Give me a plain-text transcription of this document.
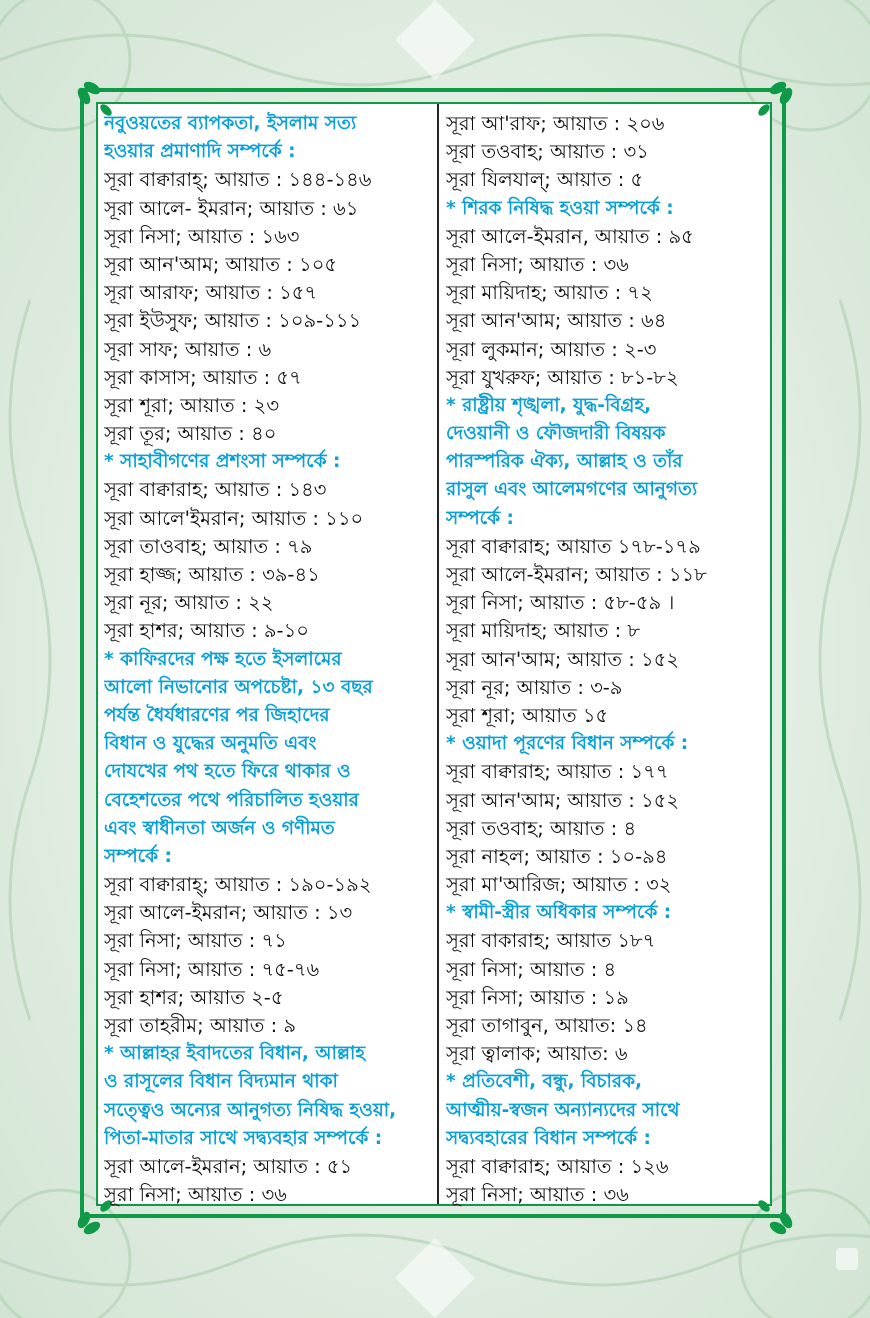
নবুওয়তের ব্যাপকতা, ইসলাম সত্য
হওয়ার প্রমাণাদি সম্পর্কে :
সূরা বাক্বারাহ্; আয়াত : ১৪৪-১৪৬
সূরা আলে- ইমরান; আয়াত : ৬১
সূরা নিসা; আয়াত : ১৬৩
সূরা আন'আম; আয়াত : ১০৫
সূরা আরাফ; আয়াত : ১৫৭
সূরা ইউসুফ; আয়াত : ১০৯-১১১
সূরা সাফ; আয়াত : ৬
সূরা কাসাস; আয়াত : ৫৭
সূরা শূরা; আয়াত : ২৩
সূরা তূর; আয়াত : ৪০
* সাহাবীগণের প্রশংসা সম্পর্কে :
সূরা বাক্বারাহ; আয়াত : ১৪৩
সূরা আলে'ইমরান; আয়াত : ১১০
সূরা তাওবাহ; আয়াত : ৭৯
সূরা হাজ্জ; আয়াত : ৩৯-৪১
সূরা নূর; আয়াত : ২২
সূরা হাশর; আয়াত : ৯-১০
* কাফিরদের পক্ষ হতে ইসলামের
আলো নিভানোর অপচেষ্টা, ১৩ বছর
পর্যন্ত ধৈর্যধারণের পর জিহাদের
বিধান ও যুদ্ধের অনুমতি এবং
দোযখের পথ হতে ফিরে থাকার ও
বেহেশতের পথে পরিচালিত হওয়ার
এবং স্বাধীনতা অর্জন ও গণীমত
সম্পর্কে :
সূরা বাক্বারাহ্; আয়াত : ১৯০-১৯২
সূরা আলে-ইমরান; আয়াত : ১৩
সূরা নিসা; আয়াত : ৭১
সূরা নিসা; আয়াত : ৭৫-৭৬
সূরা হাশর; আয়াত ২-৫
সূরা তাহরীম; আয়াত : ৯
* আল্লাহর ইবাদতের বিধান, আল্লাহ
ও রাসূলের বিধান বিদ্যমান থাকা
সত্ত্বেও অন্যের আনুগত্য নিষিদ্ধ হওয়া,
পিতা-মাতার সাথে সদ্ব্যবহার সম্পর্কে :
সূরা আলে-ইমরান; আয়াত : ৫১
সূরা নিসা; আয়াত : ৩৬
সূরা আ'রাফ; আয়াত : ২০৬
সূরা তওবাহ; আয়াত : ৩১
সূরা যিলযাল্; আয়াত : ৫
* শিরক নিষিদ্ধ হওয়া সম্পর্কে :
সূরা আলে-ইমরান, আয়াত : ৯৫
সূরা নিসা; আয়াত : ৩৬
সূরা মায়িদাহ; আয়াত : ৭২
সূরা আন'আম; আয়াত : ৬৪
সূরা লুকমান; আয়াত : ২-৩
সূরা যুখরুফ; আয়াত : ৮১-৮২
* রাষ্ট্রীয় শৃঙ্খলা, যুদ্ধ-বিগ্রহ,
দেওয়ানী ও ফৌজদারী বিষয়ক
পারস্পরিক ঐক্য, আল্লাহ ও তাঁর
রাসুল এবং আলেমগণের আনুগত্য
সম্পর্কে :
সূরা বাক্বারাহ; আয়াত ১৭৮-১৭৯
সূরা আলে-ইমরান; আয়াত : ১১৮
সূরা নিসা; আয়াত : ৫৮-৫৯ ।
সূরা মায়িদাহ; আয়াত : ৮
সূরা আন'আম; আয়াত : ১৫২
সূরা নূর; আয়াত : ৩-৯
সূরা শূরা; আয়াত ১৫
* ওয়াদা পূরণের বিধান সম্পর্কে :
সূরা বাক্বারাহ; আয়াত : ১৭৭
সূরা আন'আম; আয়াত : ১৫২
সূরা তওবাহ; আয়াত : ৪
সূরা নাহল; আয়াত : ১০-৯৪
সূরা মা'আরিজ; আয়াত : ৩২
* স্বামী-স্ত্রীর অধিকার সম্পর্কে :
সূরা বাকারাহ; আয়াত ১৮৭
সূরা নিসা; আয়াত : ৪
সূরা নিসা; আয়াত : ১৯
সূরা তাগাবুন, আয়াত: ১৪
সূরা ত্বালাক; আয়াত: ৬
* প্রতিবেশী, বন্ধু, বিচারক,
আত্মীয়-স্বজন অন্যান্যদের সাথে
সদ্ব্যবহারের বিধান সম্পর্কে :
সূরা বাক্বারাহ; আয়াত : ১২৬
সূরা নিসা; আয়াত : ৩৬
